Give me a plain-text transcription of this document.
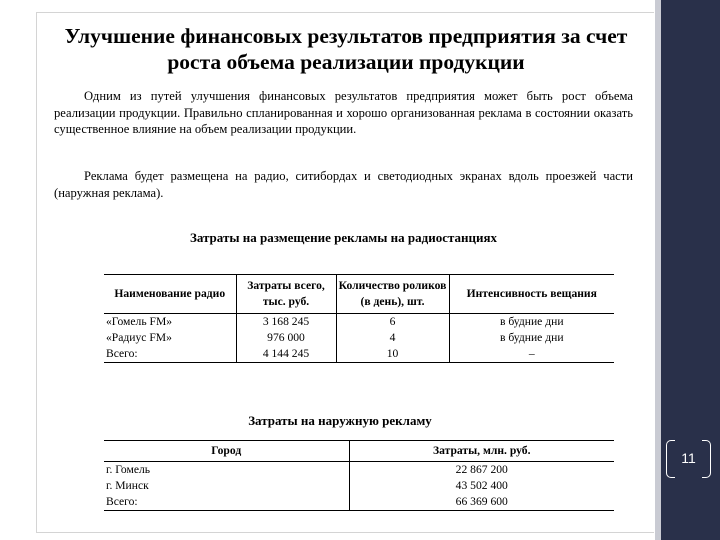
11
Улучшение финансовых результатов предприятия за счет роста объема реализации продукции
Одним из путей улучшения финансовых результатов предприятия может быть рост объема реализации продукции. Правильно спланированная и хорошо организованная реклама в состоянии оказать существенное влияние на объем реализации продукции.
Реклама будет размещена на радио, ситибордах и светодиодных экранах вдоль проезжей части (наружная реклама).
Затраты на размещение рекламы на радиостанциях
Наименование радио	Затраты всего, тыс. руб.	Количество роликов (в день), шт.	Интенсивность вещания
«Гомель FM»	3 168 245	6	в будние дни
«Радиус FM»	976 000	4	в будние дни
Всего:	4 144 245	10	–
Затраты на наружную рекламу
Город	Затраты, млн. руб.
г. Гомель	22 867 200
г. Минск	43 502 400
Всего:	66 369 600
